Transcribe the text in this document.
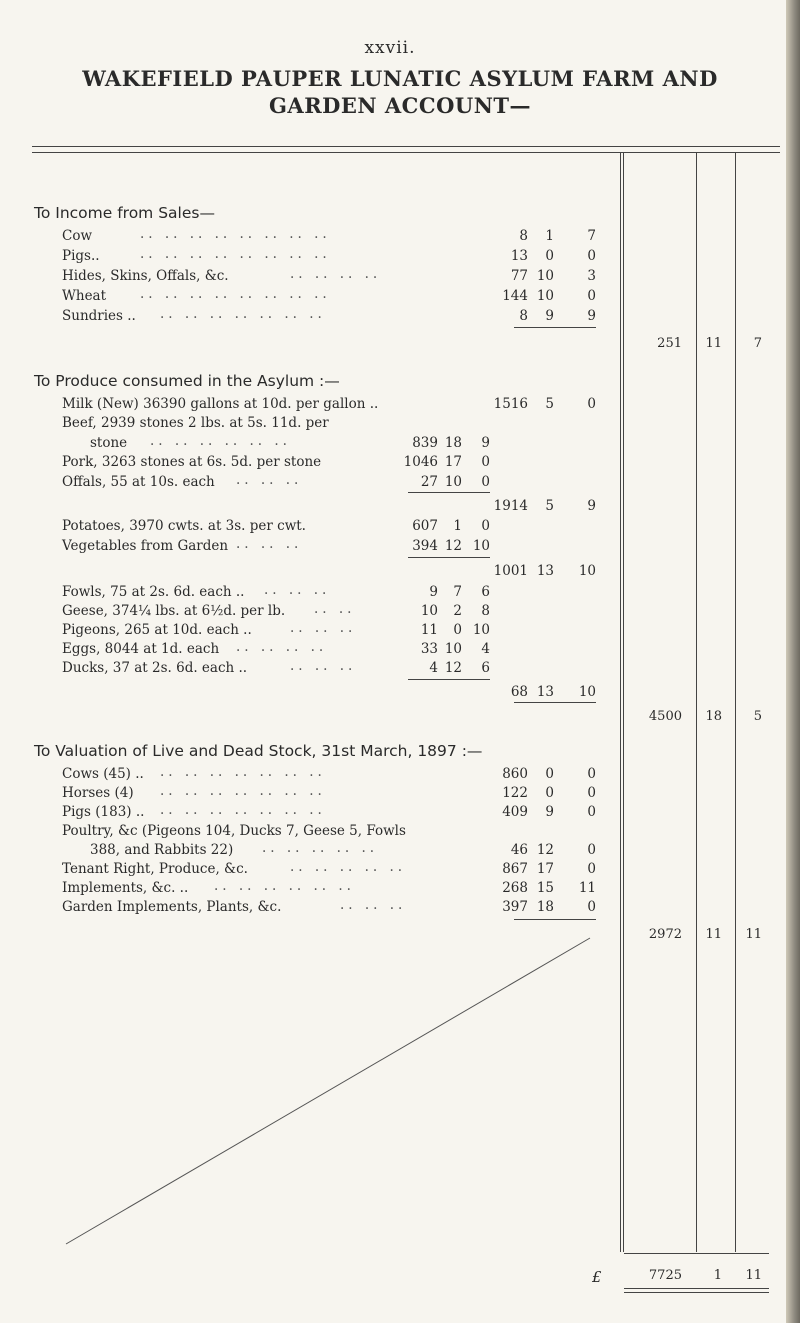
xxvii.
WAKEFIELD PAUPER LUNATIC ASYLUM FARM AND
GARDEN ACCOUNT—
To Income from Sales—
Cow	.. .. .. .. .. .. .. ..	8	1	7
Pigs..	.. .. .. .. .. .. .. ..	13	0	0
Hides, Skins, Offals, &c.	.. .. .. ..	77 10	3
Wheat	.. .. .. .. .. .. .. ..	144 10	0
Sundries .. .. .. .. .. .. .. ..	8	9	9
251	11	7
To Produce consumed in the Asylum :—
Milk (New) 36390 gallons at 10d. per gallon ..	1516	5	0
Beef, 2939 stones 2 lbs. at 5s. 11d. per
stone .. .. .. .. .. ..	839 18	9
Pork, 3263 stones at 6s. 5d. per stone	1046 17	0
Offals, 55 at 10s. each .. .. ..	27 10	0
1914	5	9
Potatoes, 3970 cwts. at 3s. per cwt.	607	1	0
Vegetables from Garden .. .. ..	394 12 10
1001 13	10
Fowls, 75 at 2s. 6d. each .. .. .. ..	9	7	6
Geese, 374¼ lbs. at 6½d. per lb. .. ..	10	2	8
Pigeons, 265 at 10d. each ..	.. .. ..	11	0 10
Eggs, 8044 at 1d. each .. .. .. ..	33 10	4
Ducks, 37 at 2s. 6d. each ..	.. .. ..	4 12	6
68 13	10
4500	18	5
To Valuation of Live and Dead Stock, 31st March, 1897 :—
Cows (45) .. .. .. .. .. .. .. ..	860	0	0
Horses (4) .. .. .. .. .. .. ..	122	0	0
Pigs (183) .. .. .. .. .. .. .. ..	409	9	0
Poultry, &c (Pigeons 104, Ducks 7, Geese 5, Fowls
388, and Rabbits 22) .. .. .. .. ..	46 12	0
Tenant Right, Produce, &c.	.. .. .. .. ..	867 17	0
Implements, &c. .. .. .. .. .. .. ..	268 15	11
Garden Implements, Plants, &c.	.. .. ..	397 18	0
2972	11 11
£	7725	1 11
